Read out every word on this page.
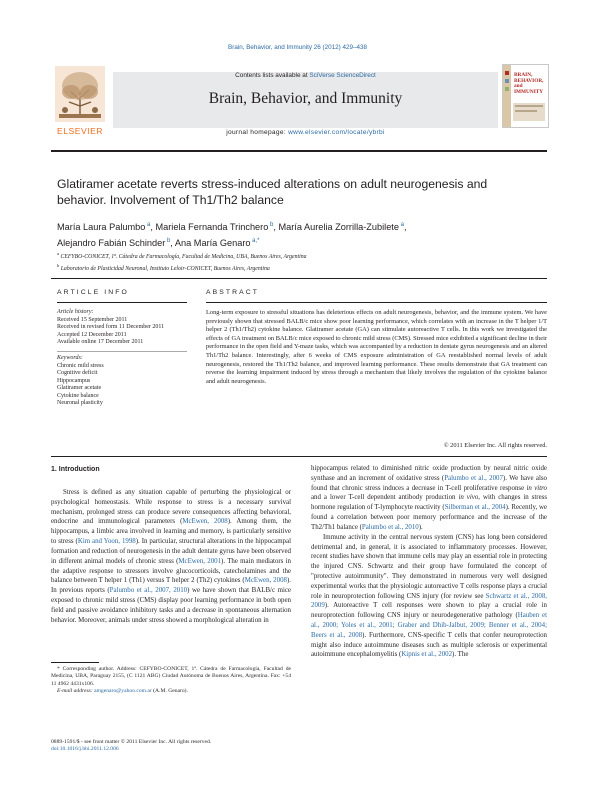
Brain, Behavior, and Immunity 26 (2012) 429–438
ELSEVIER
Contents lists available at SciVerse ScienceDirect
Brain, Behavior, and Immunity
BRAIN, BEHAVIOR, and IMMUNITY
journal homepage: www.elsevier.com/locate/ybrbi
Glatiramer acetate reverts stress-induced alterations on adult neurogenesis and behavior. Involvement of Th1/Th2 balance
María Laura Palumbo $^a$, Mariela Fernanda Trinchero $^b$, María Aurelia Zorrilla-Zubilete $^a$,
Alejandro Fabián Schinder $^b$, Ana María Genaro $^{a,*}$
$^a$ CEFYBO-CONICET, 1ª. Cátedra de Farmacología, Facultad de Medicina, UBA, Buenos Aires, Argentina
$^b$ Laboratorio de Plasticidad Neuronal, Instituto Leloir-CONICET, Buenos Aires, Argentina
ARTICLE INFO	ABSTRACT
Article history:
Received 15 September 2011
Received in revised form 11 December 2011
Accepted 12 December 2011
Available online 17 December 2011
Keywords:
Chronic mild stress
Cognitive deficit
Hippocampus
Glatiramer acetate
Cytokine balance
Neuronal plasticity

Long-term exposure to stressful situations has deleterious effects on adult neurogenesis, behavior, and the immune system. We have previously shown that stressed BALB/c mice show poor learning performance, which correlates with an increase in the T helper 1/T helper 2 (Th1/Th2) cytokine balance. Glatiramer acetate (GA) can stimulate autoreactive T cells. In this work we investigated the effects of GA treatment on BALB/c mice exposed to chronic mild stress (CMS). Stressed mice exhibited a significant decline in their performance in the open field and Y-maze tasks, which was accompanied by a reduction in dentate gyrus neurogenesis and an altered Th1/Th2 balance. Interestingly, after 6 weeks of CMS exposure administration of GA reestablished normal levels of adult neurogenesis, restored the Th1/Th2 balance, and improved learning performance. These results demonstrate that GA treatment can reverse the learning impairment induced by stress through a mechanism that likely involves the regulation of the cytokine balance and adult neurogenesis.

© 2011 Elsevier Inc. All rights reserved.
1. Introduction

Stress is defined as any situation capable of perturbing the physiological or psychological homeostasis. While response to stress is a necessary survival mechanism, prolonged stress can produce severe consequences affecting behavioral, endocrine and immunological parameters (McEwen, 2008). Among them, the hippocampus, a limbic area involved in learning and memory, is particularly sensitive to stress (Kim and Yoon, 1998). In particular, structural alterations in the hippocampal formation and reduction of neurogenesis in the adult dentate gyrus have been observed in different animal models of chronic stress (McEwen, 2001). The main mediators in the adaptive response to stressors involve glucocorticoids, catecholamines and the balance between T helper 1 (Th1) versus T helper 2 (Th2) cytokines (McEwen, 2008). In previous reports (Palumbo et al., 2007, 2010) we have shown that BALB/c mice exposed to chronic mild stress (CMS) display poor learning performance in both open field and passive avoidance inhibitory tasks and a decrease in spontaneous alternation behavior. Moreover, animals under stress showed a morphological alteration in

hippocampus related to diminished nitric oxide production by neural nitric oxide synthase and an increment of oxidative stress (Palumbo et al., 2007). We have also found that chronic stress induces a decrease in T-cell proliferative response in vitro and a lower T-cell dependent antibody production in vivo, with changes in stress hormone regulation of T-lymphocyte reactivity (Silberman et al., 2004). Recently, we found a correlation between poor memory performance and the increase of the Th2/Th1 balance (Palumbo et al., 2010).

Immune activity in the central nervous system (CNS) has long been considered detrimental and, in general, it is associated to inflammatory processes. However, recent studies have shown that immune cells may play an essential role in protecting the injured CNS. Schwartz and their group have formulated the concept of "protective autoimmunity". They demonstrated in numerous very well designed experimental works that the physiologic autoreactive T cells response plays a crucial role in neuroprotection following CNS injury (for review see Schwartz et al., 2008, 2009). Autoreactive T cell responses were shown to play a crucial role in neuroprotection following CNS injury or neurodegenerative pathology (Hauben et al., 2000; Yoles et al., 2001; Graber and Dhib-Jalbut, 2009; Benner et al., 2004; Beers et al., 2008). Furthermore, CNS-specific T cells that confer neuroprotection might also induce autoimmune diseases such as multiple sclerosis or experimental autoimmune encephalomyelitis (Kipnis et al., 2002). The

* Corresponding author. Address: CEFYBO-CONICET, 1ª. Cátedra de Farmacología, Facultad de Medicina, UBA, Paraguay 2155, (C 1121 ABG) Ciudad Autónoma de Buenos Aires, Argentina. Fax: +54 11 4962 4431x106.
E-mail address: amgenaro@yahoo.com.ar (A.M. Genaro).
0889-1591/$ - see front matter © 2011 Elsevier Inc. All rights reserved.
doi:10.1016/j.bbi.2011.12.006
